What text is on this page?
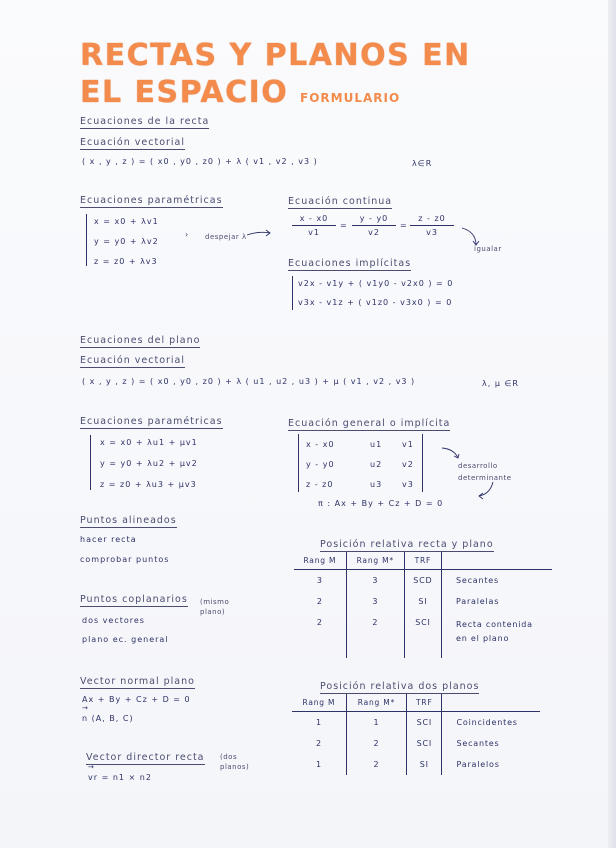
RECTAS Y PLANOS EN
EL ESPACIO FORMULARIO
Ecuaciones de la recta
Ecuación vectorial
( x , y , z ) = ( x0 , y0 , z0 ) + λ ( v1 , v2 , v3 )	λ∈R
Ecuaciones paramétricas
x = x0 + λv1
y = y0 + λv2
z = z0 + λv3
› despejar λ
Ecuación continua
$\frac{x - x0}{v1} = \frac{y - y0}{v2} = \frac{z - z0}{v3}$
igualar
Ecuaciones implícitas
v2x - v1y + ( v1y0 - v2x0 ) = 0
v3x - v1z + ( v1z0 - v3x0 ) = 0
Ecuaciones del plano
Ecuación vectorial
( x , y , z ) = ( x0 , y0 , z0 ) + λ ( u1 , u2 , u3 ) + μ ( v1 , v2 , v3 )	λ, μ ∈R
Ecuaciones paramétricas
x = x0 + λu1 + μv1
y = y0 + λu2 + μv2
z = z0 + λu3 + μv3
Ecuación general o implícita
x - x0	u1 v1
y - y0	u2 v2
z - z0	u3 v3
desarrollo determinante
π : Ax + By + Cz + D = 0
Puntos alineados
hacer recta
comprobar puntos
Puntos coplanarios (mismo plano)
dos vectores
plano ec. general
Vector normal plano
Ax + By + Cz + D = 0
n (A, B, C)
→
Vector director recta (dos planos)
vr = n1 × n2
→
Posición relativa recta y plano
Rang M	Rang M*	TRF	
3	3	SCD	Secantes
2	3	SI	Paralelas
2	2	SCI	Recta contenida en el plano
Posición relativa dos planos
Rang M	Rang M*	TRF	
1	1	SCI	Coincidentes
2	2	SCI	Secantes
1	2	SI	Paralelos
